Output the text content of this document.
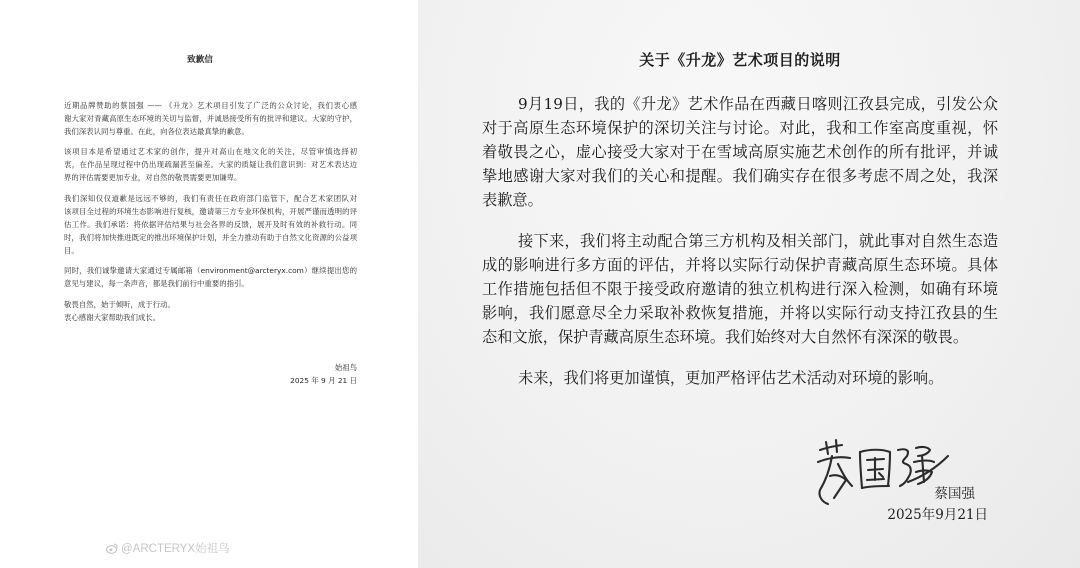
致歉信
近期品牌赞助的蔡国强 —— 《升龙》艺术项目引发了广泛的公众讨论，我们衷心感
谢大家对青藏高原生态环境的关切与监督，并诚恳接受所有的批评和建议。大家的守护，
我们深表认同与尊重。在此，向各位表达最真挚的歉意。
该项目本是希望通过艺术家的创作，提升对高山在地文化的关注，尽管审慎选择初
衷，在作品呈现过程中仍出现疏漏甚至偏差。大家的质疑让我们意识到：对艺术表达边
界的评估需要更加专业，对自然的敬畏需要更加谦卑。
我们深知仅仅道歉是远远不够的，我们有责任在政府部门监管下，配合艺术家团队对
该项目全过程的环境生态影响进行复核，邀请第三方专业环保机构，开展严谨而透明的评
估工作。我们承诺：将依据评估结果与社会各界的反馈，展开及时有效的补救行动。同
时，我们将加快推进既定的推出环境保护计划，并全力推动有助于自然文化资源的公益项
目。
同时，我们诚挚邀请大家通过专属邮箱（environment@arcteryx.com）继续提出您的
意见与建议，每一条声音，都是我们前行中重要的指引。
敬畏自然，始于倾听，成于行动。
衷心感谢大家帮助我们成长。
始祖鸟
2025 年 9 月 21 日
关于《升龙》艺术项目的说明
9月19日，我的《升龙》艺术作品在西藏日喀则江孜县完成，引发公众
对于高原生态环境保护的深切关注与讨论。对此，我和工作室高度重视，怀
着敬畏之心，虚心接受大家对于在雪域高原实施艺术创作的所有批评，并诚
挚地感谢大家对我们的关心和提醒。我们确实存在很多考虑不周之处，我深
表歉意。
接下来，我们将主动配合第三方机构及相关部门，就此事对自然生态造
成的影响进行多方面的评估，并将以实际行动保护青藏高原生态环境。具体
工作措施包括但不限于接受政府邀请的独立机构进行深入检测，如确有环境
影响，我们愿意尽全力采取补救恢复措施，并将以实际行动支持江孜县的生
态和文旅，保护青藏高原生态环境。我们始终对大自然怀有深深的敬畏。
未来，我们将更加谨慎，更加严格评估艺术活动对环境的影响。
蔡国强
2025年9月21日
@ARCTERYX始祖鸟
